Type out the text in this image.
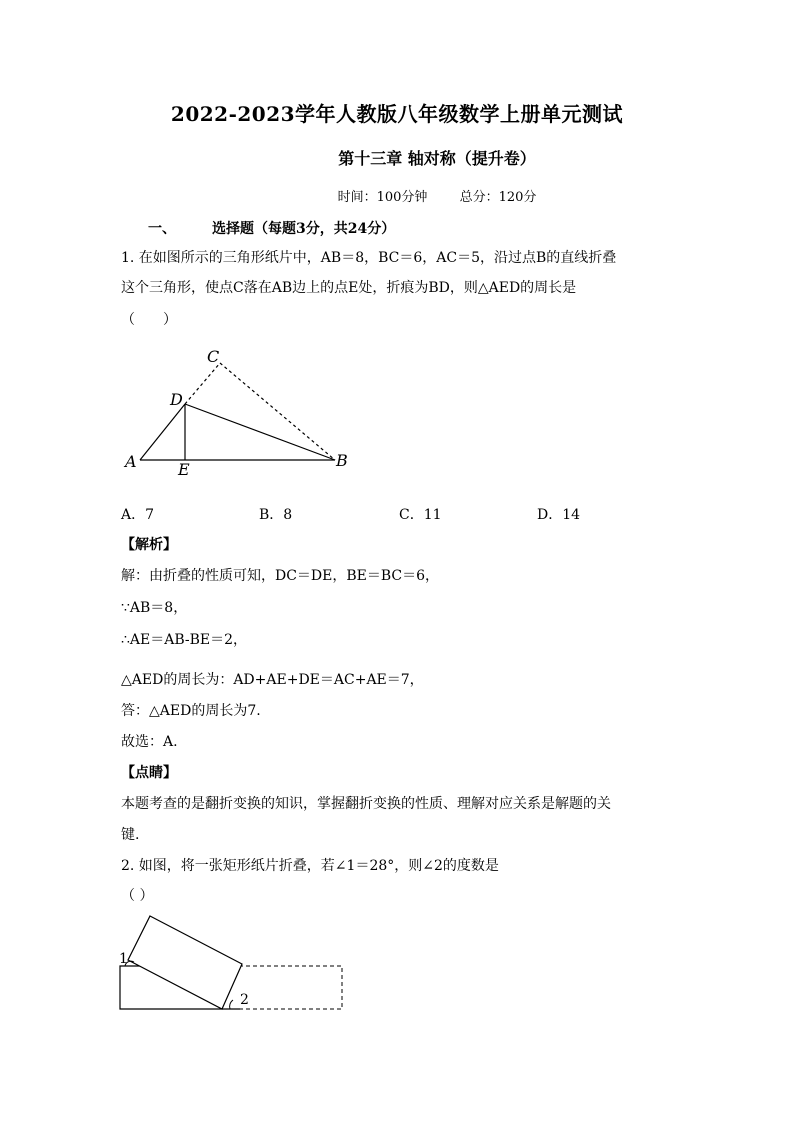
2022-2023学年人教版八年级数学上册单元测试
第十三章 轴对称（提升卷）
时间：100分钟 总分：120分
一、	选择题（每题3分，共24分）
1. 在如图所示的三角形纸片中，AB＝8，BC＝6，AC＝5，沿过点B的直线折叠
这个三角形，使点C落在AB边上的点E处，折痕为BD，则△AED的周长是
（　　）
C
D
A	E	B
A．7	B．8	C．11	D．14
【解析】
解：由折叠的性质可知，DC＝DE，BE＝BC＝6，
∵AB＝8，
∴AE＝AB-BE＝2，
△AED的周长为：AD+AE+DE＝AC+AE＝7，
答：△AED的周长为7.
故选：A.
【点睛】
本题考查的是翻折变换的知识，掌握翻折变换的性质、理解对应关系是解题的关
键.
2. 如图，将一张矩形纸片折叠，若∠1＝28°，则∠2的度数是
（ ）
1
2
